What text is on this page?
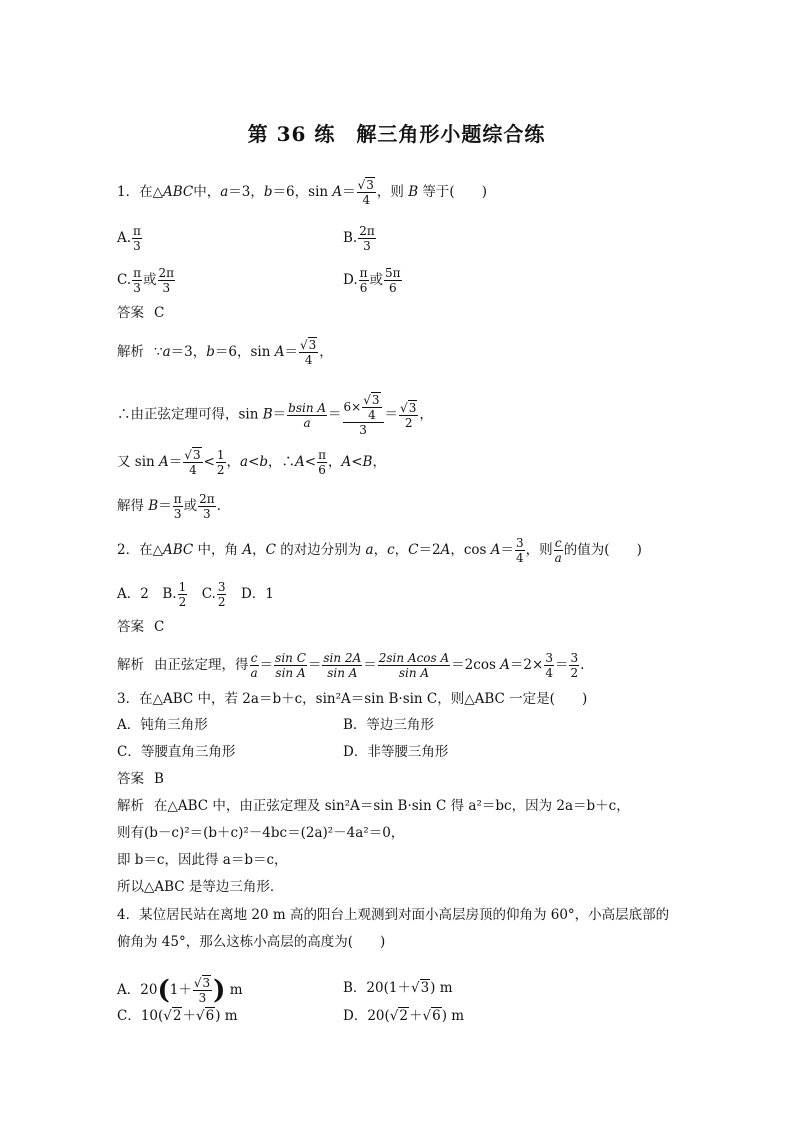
第 36 练　解三角形小题综合练
1．在△ABC中，a＝3，b＝6，$\sin A= \frac{√3}{4}$ ，则 B 等于(　　)
A. $\frac{\pi}{3}$	B. $\frac{2\pi}{3}$
C. $\frac{\pi}{3}$ 或 $\frac{2\pi}{3}$	D. $\frac{\pi}{6}$ 或 $\frac{5\pi}{6}$
答案 C
解析 ∵a＝3，b＝6，$\sin A= \frac{√3}{4}$ ，
∴由正弦定理可得，$\sin B= \frac{\text{bsin A}}{a} = \frac{6\times \frac{√3}{4}}{3} = \frac{√3}{2}$ ，
又 $\sin A= \frac{√3}{4} < \frac{1}{2}$ ，a<b，∴A< $\frac{\pi}{6}$ ，A<B，
解得 $B= \frac{\pi}{3}$ 或 $\frac{2\pi}{3}$ .
2．在△ABC 中，角 A，C 的对边分别为 a，c，C＝2A，$\cos A= \frac{3}{4}$ ，则 $\frac{c}{a}$ 的值为(　　)
A．2　B. $\frac{1}{2}$
　 C. $\frac{3}{2}$ 　D．1
答案 C
解析 由正弦定理，得 $\frac{c}{a} = \frac{\text{sin C}}{\text{sin A}} = \frac{\sin 2A}{\text{sin A}} = \frac{\text{2sin Acos A}}{\text{sin A}} =2\cos$ $A=2\times \frac{3}{4} = \frac{3}{2}$ .
3．在△ABC 中，若 2a＝b＋c，sin²A＝sin B·sin C，则△ABC 一定是(　　)
A．钝角三角形	B．等边三角形
C．等腰直角三角形	D．非等腰三角形
答案 B
解析 在△ABC 中，由正弦定理及 sin²A＝sin B·sin C 得 a²＝bc，因为 2a＝b＋c，
则有(b－c)²＝(b＋c)²－4bc＝(2a)²－4a²＝0，
即 b＝c，因此得 a＝b＝c，
所以△ABC 是等边三角形．
4．某位居民站在离地 20 m 高的阳台上观测到对面小高层房顶的仰角为 60°，小高层底部的
俯角为 45°，那么这栋小高层的高度为(　　)
A．$20(1+ \frac{√3}{3}$ ) m	B．20(1＋√3) m
C．10(√2＋√6) m	D．20(√2＋√6) m
